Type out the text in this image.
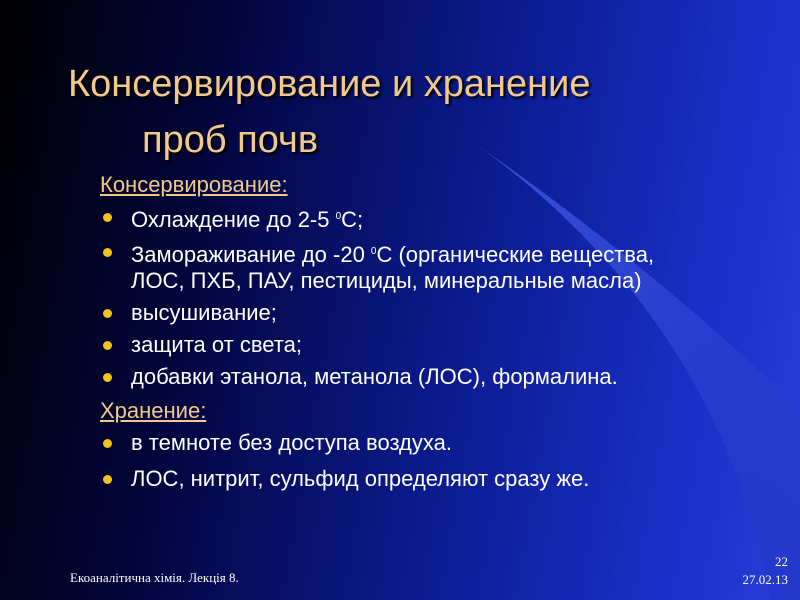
Консервирование и хранение
проб почв
Консервирование:
Охлаждение до 2-5 $^0$С;
Замораживание до -20 $^0$С (органические вещества, ЛОС, ПХБ, ПАУ, пестициды, минеральные масла)
высушивание;
защита от света;
добавки этанола, метанола (ЛОС), формалина.
Хранение:
в темноте без доступа воздуха.
ЛОС, нитрит, сульфид определяют сразу же.
Екоаналітична хімія. Лекція 8.
22
27.02.13
